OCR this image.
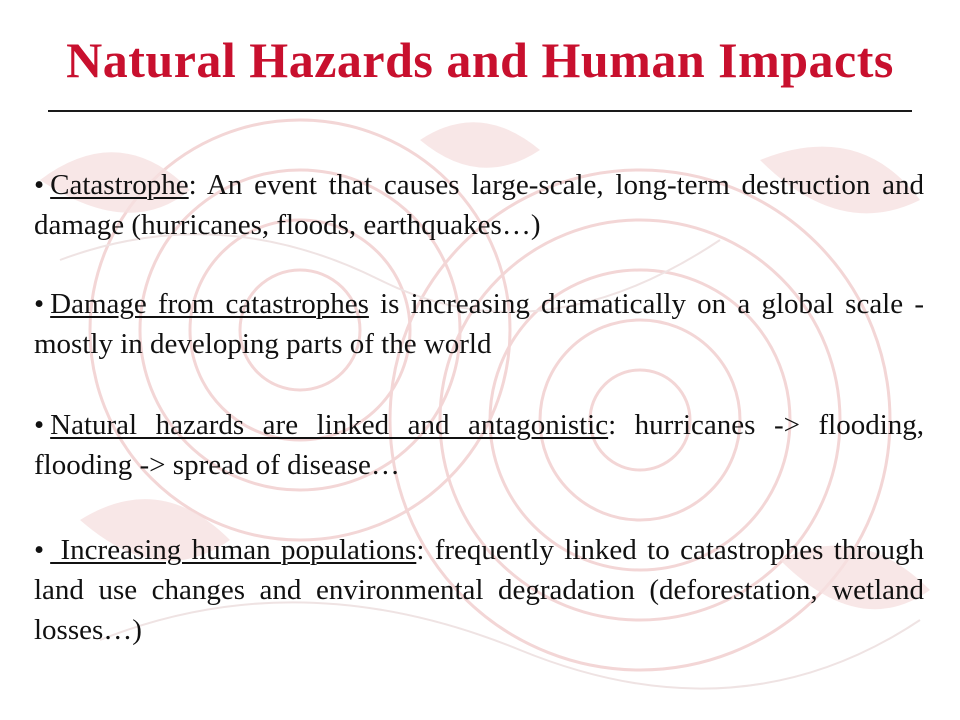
Natural Hazards and Human Impacts
• Catastrophe: An event that causes large-scale, long-term destruction and damage (hurricanes, floods, earthquakes…)
• Damage from catastrophes is increasing dramatically on a global scale - mostly in developing parts of the world
• Natural hazards are linked and antagonistic: hurricanes -> flooding, flooding -> spread of disease…
• Increasing human populations: frequently linked to catastrophes through land use changes and environmental degradation (deforestation, wetland losses…)
